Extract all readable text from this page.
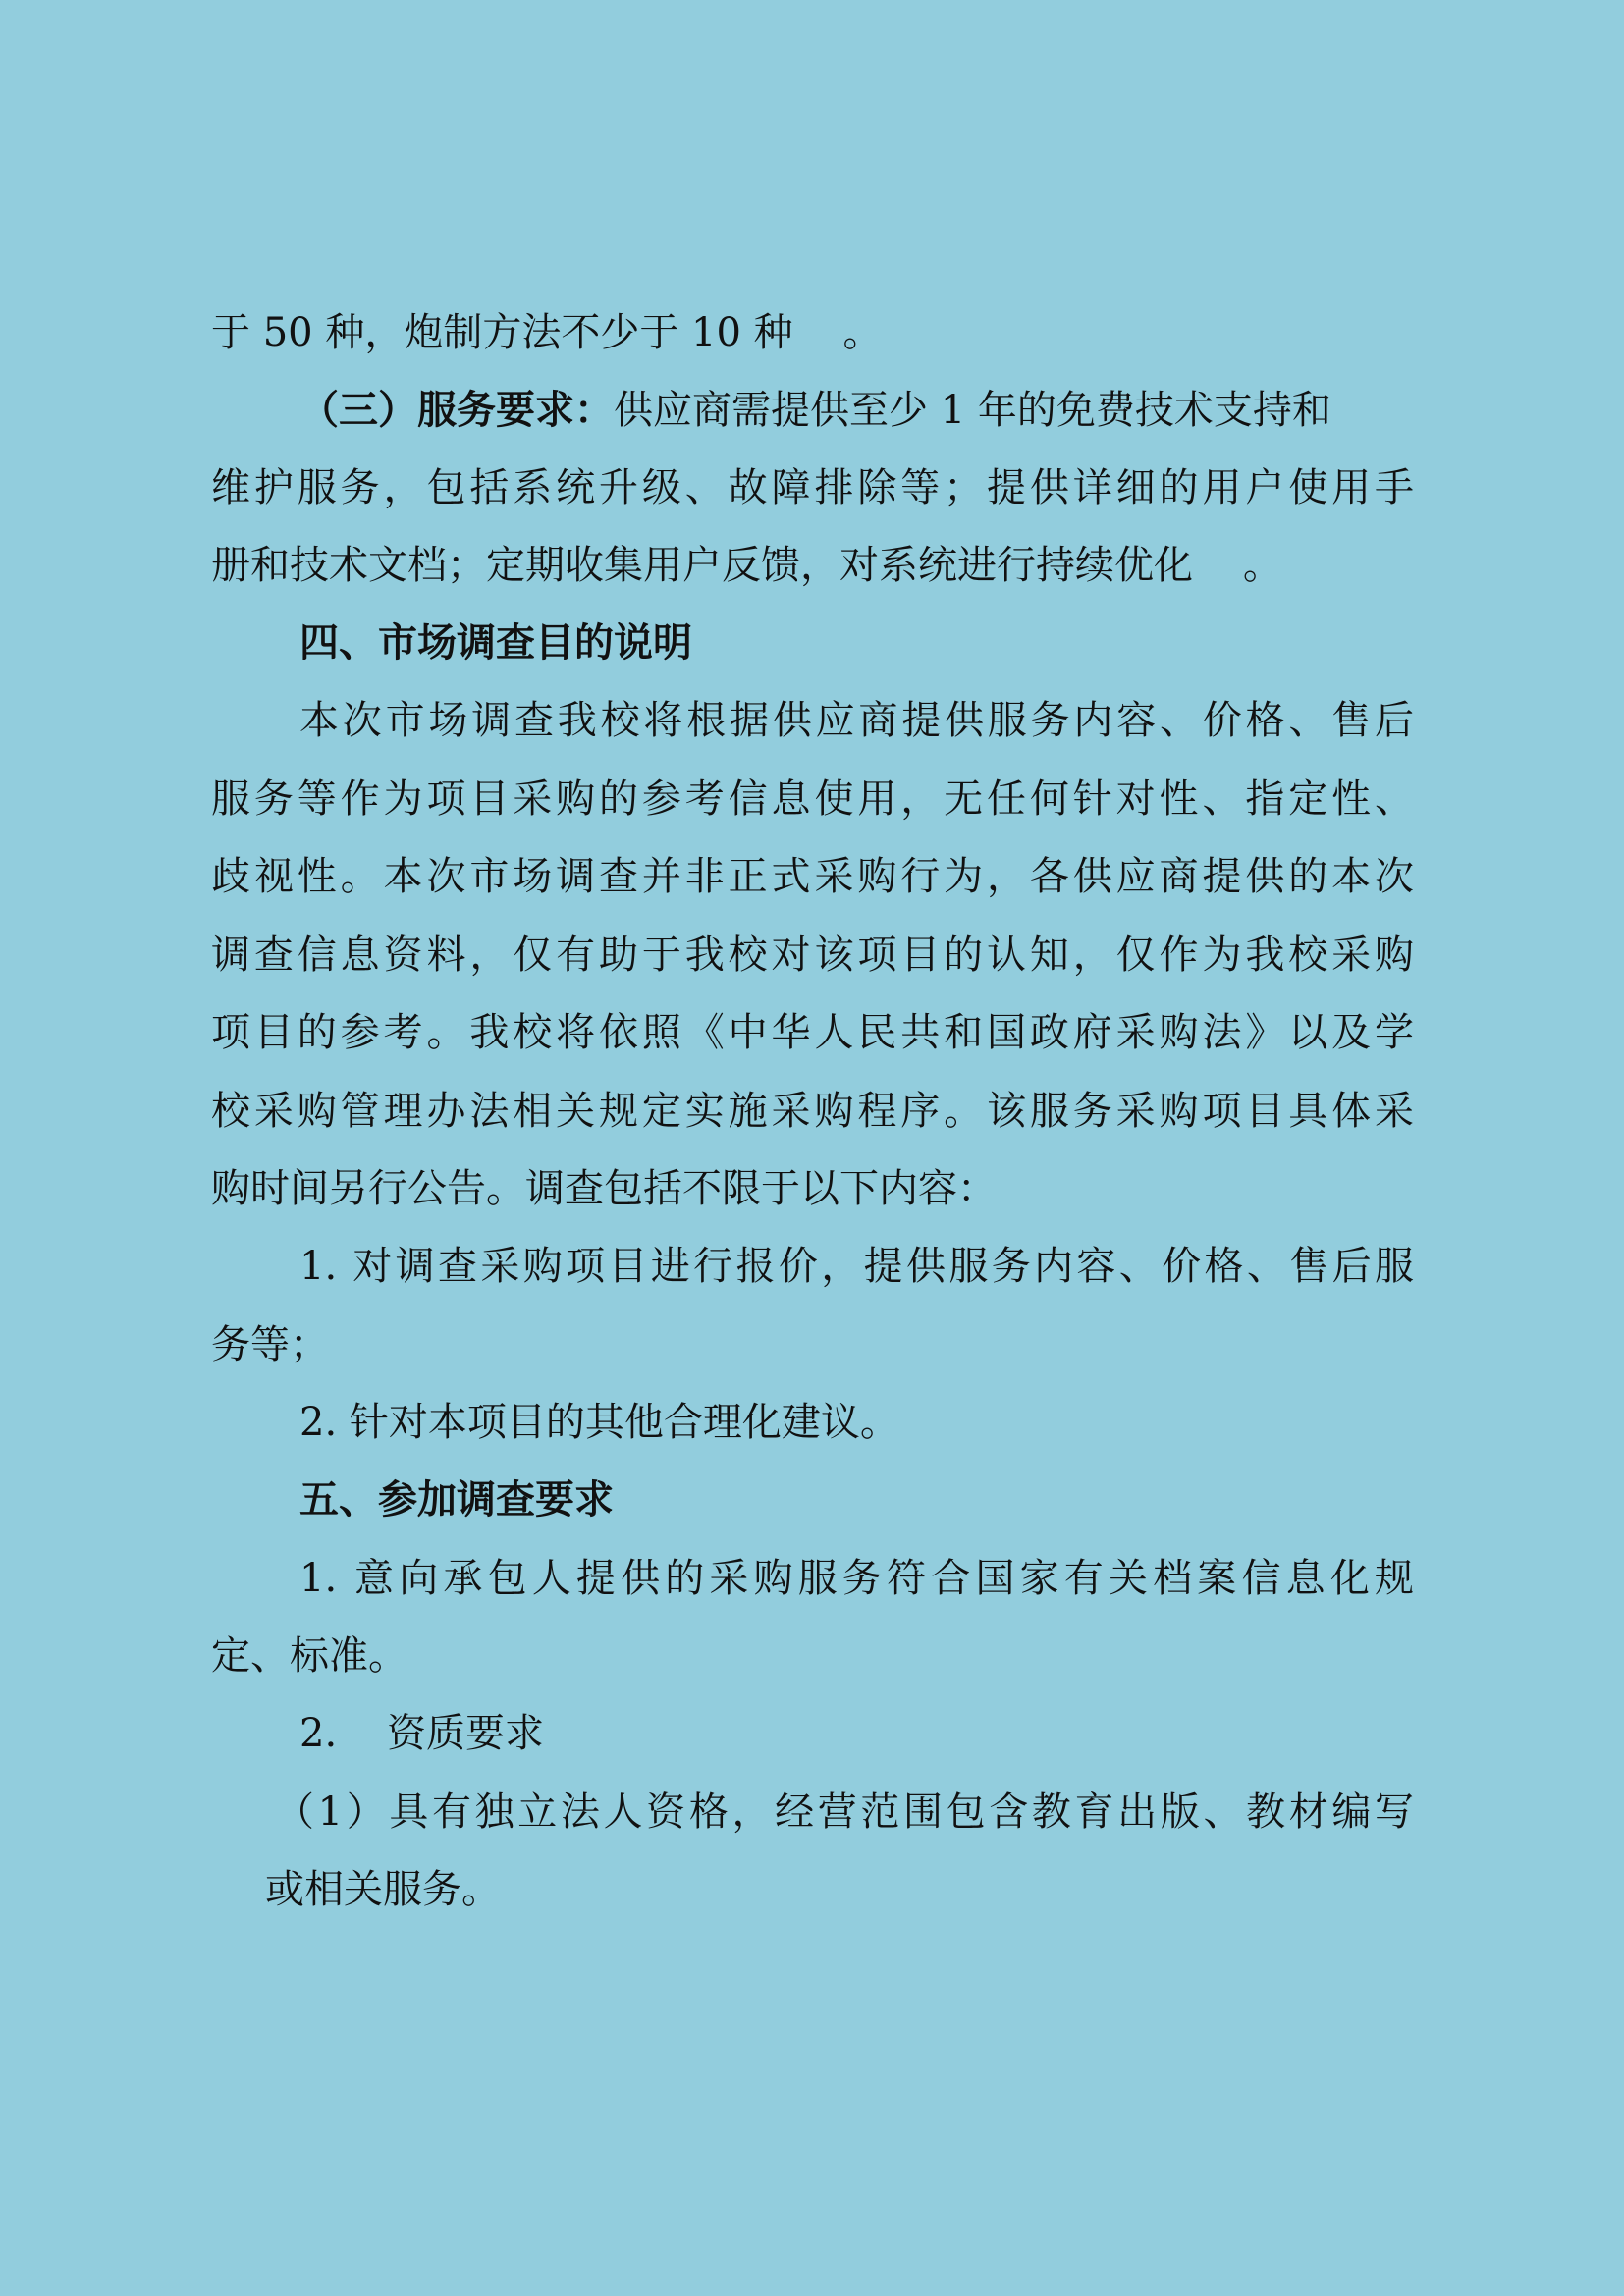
于 50 种，炮制方法不少于 10 种    。
（三）服务要求：供应商需提供至少 1 年的免费技术支持和
维护服务，包括系统升级、故障排除等；提供详细的用户使用手
册和技术文档；定期收集用户反馈，对系统进行持续优化    。
四、市场调查目的说明
本次市场调查我校将根据供应商提供服务内容、价格、售后
服务等作为项目采购的参考信息使用，无任何针对性、指定性、
歧视性。本次市场调查并非正式采购行为，各供应商提供的本次
调查信息资料，仅有助于我校对该项目的认知，仅作为我校采购
项目的参考。我校将依照《中华人民共和国政府采购法》以及学
校采购管理办法相关规定实施采购程序。该服务采购项目具体采
购时间另行公告。调查包括不限于以下内容：
1. 对调查采购项目进行报价，提供服务内容、价格、售后服
务等；
2. 针对本项目的其他合理化建议。
五、参加调查要求
1. 意向承包人提供的采购服务符合国家有关档案信息化规
定、标准。
2.    资质要求
（1）具有独立法人资格，经营范围包含教育出版、教材编写
或相关服务。
